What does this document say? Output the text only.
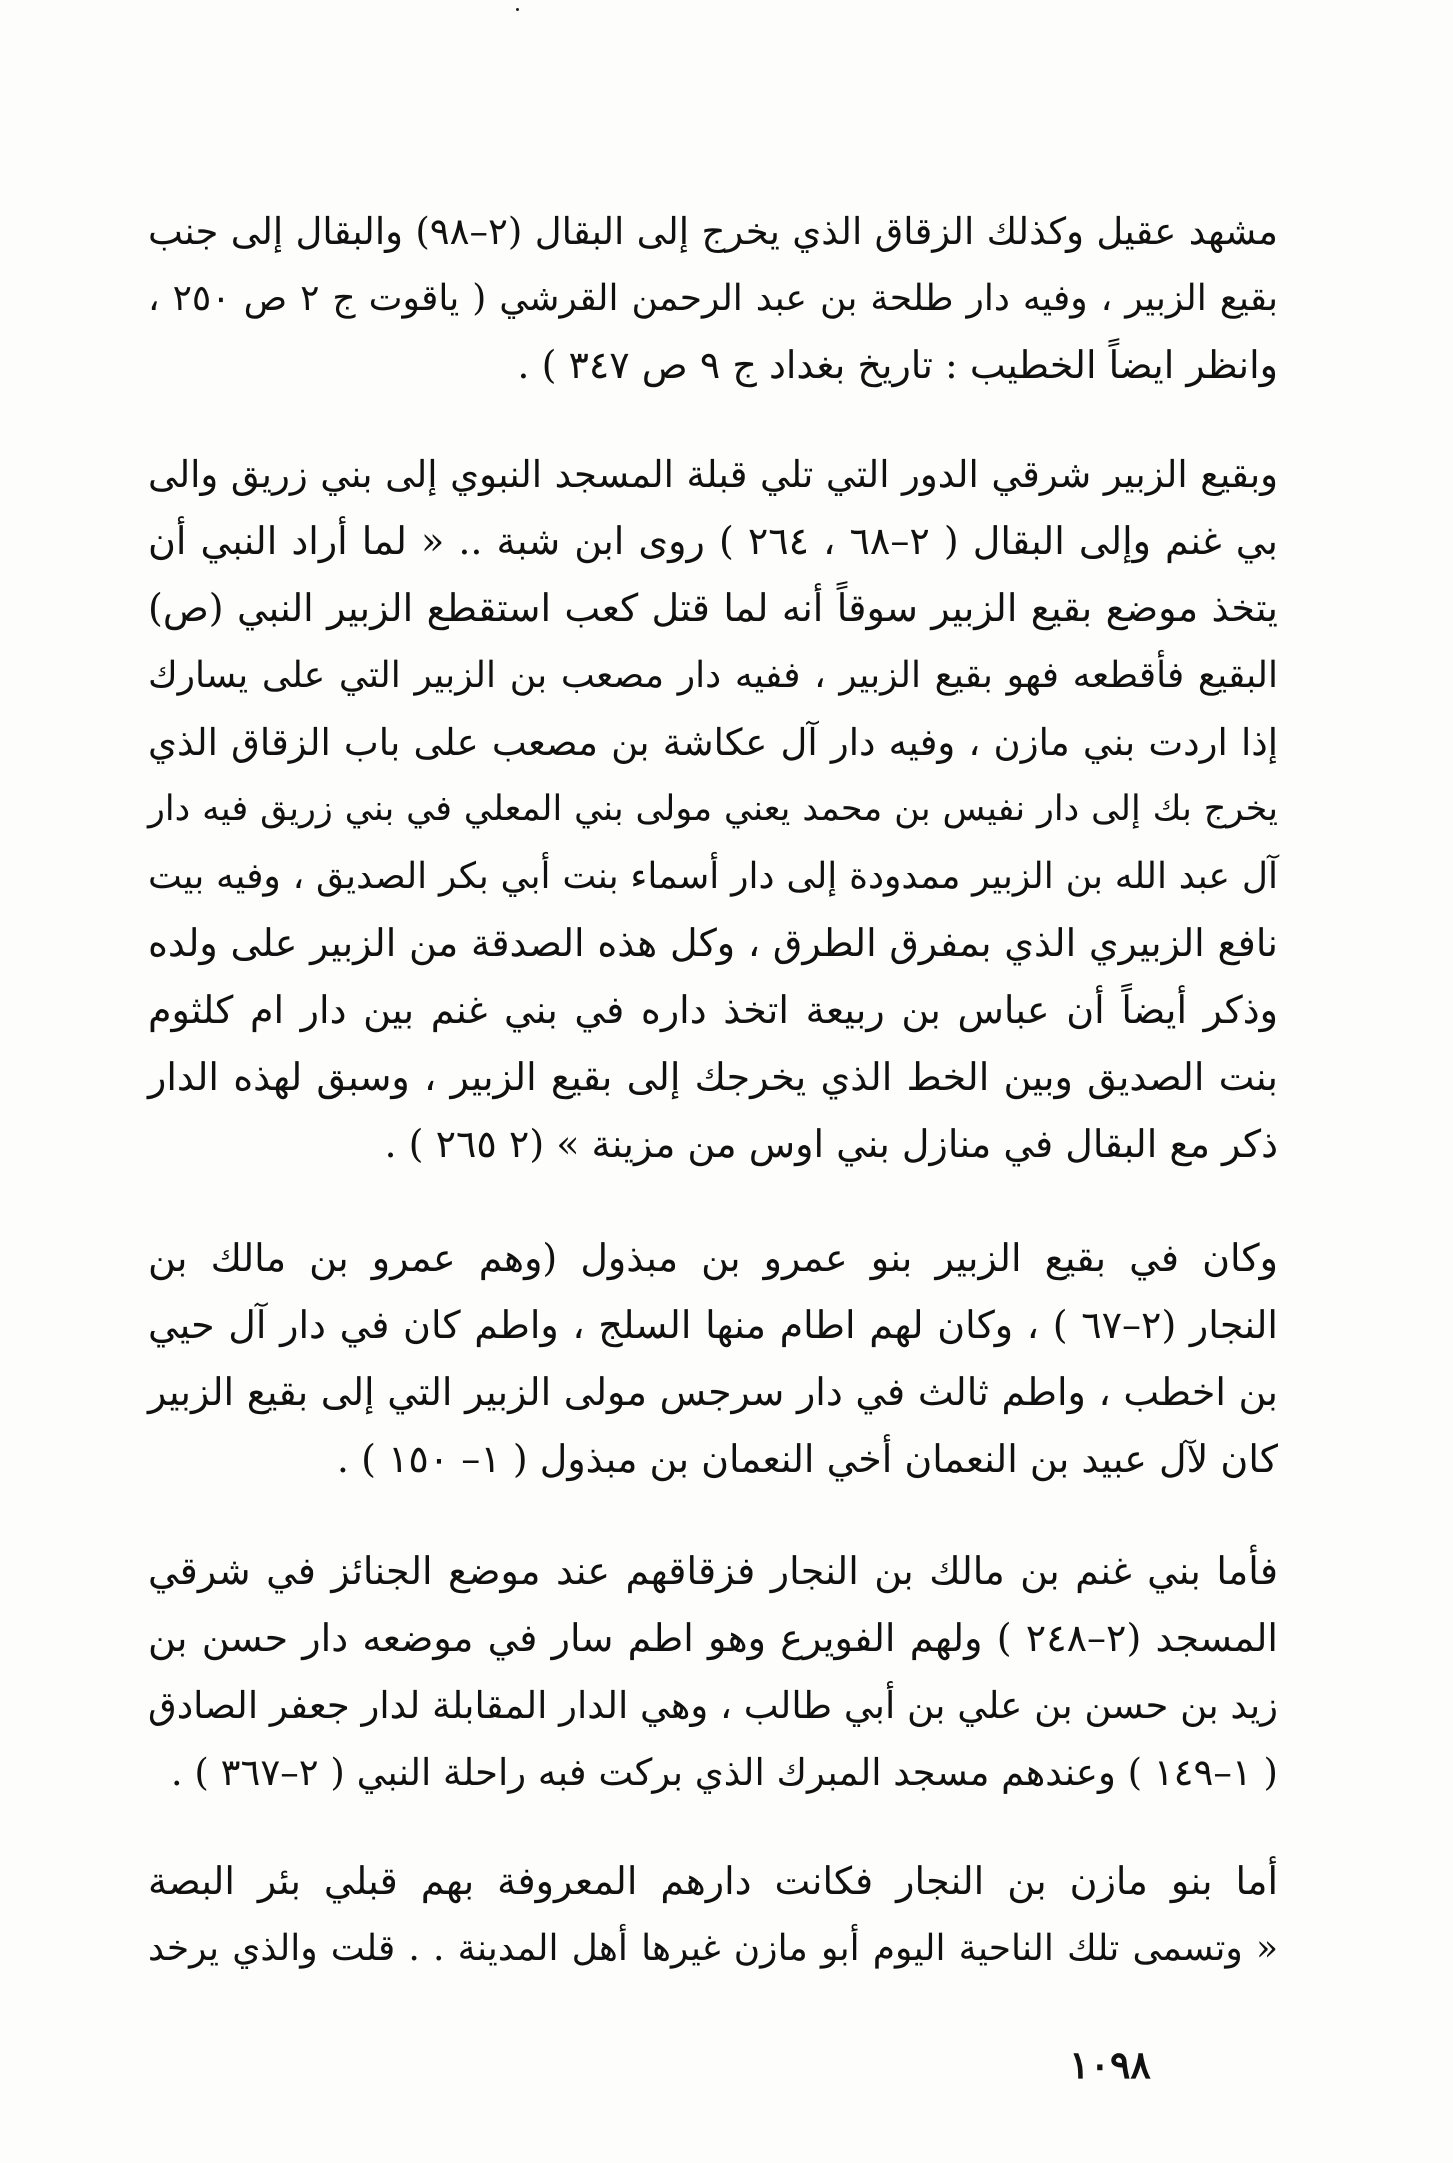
مشهد عقيل وكذلك الزقاق الذي يخرج إلى البقال (٢–٩٨) والبقال إلى جنب
بقيع الزبير ، وفيه دار طلحة بن عبد الرحمن القرشي ( ياقوت ج ٢ ص ٢٥٠ ،
وانظر ايضاً الخطيب : تاريخ بغداد ج ٩ ص ٣٤٧ ) .
وبقيع الزبير شرقي الدور التي تلي قبلة المسجد النبوي إلى بني زريق والى
بي غنم وإلى البقال ( ٢–٦٨ ، ٢٦٤ ) روى ابن شبة .. « لما أراد النبي أن
يتخذ موضع بقيع الزبير سوقاً أنه لما قتل كعب استقطع الزبير النبي (ص)
البقيع فأقطعه فهو بقيع الزبير ، ففيه دار مصعب بن الزبير التي على يسارك
إذا اردت بني مازن ، وفيه دار آل عكاشة بن مصعب على باب الزقاق الذي
يخرج بك إلى دار نفيس بن محمد يعني مولى بني المعلي في بني زريق فيه دار
آل عبد الله بن الزبير ممدودة إلى دار أسماء بنت أبي بكر الصديق ، وفيه بيت
نافع الزبيري الذي بمفرق الطرق ، وكل هذه الصدقة من الزبير على ولده
وذكر أيضاً أن عباس بن ربيعة اتخذ داره في بني غنم بين دار ام كلثوم
بنت الصديق وبين الخط الذي يخرجك إلى بقيع الزبير ، وسبق لهذه الدار
ذكر مع البقال في منازل بني اوس من مزينة » (٢ ٢٦٥ ) .
وكان في بقيع الزبير بنو عمرو بن مبذول (وهم عمرو بن مالك بن
النجار (٢–٦٧ ) ، وكان لهم اطام منها السلج ، واطم كان في دار آل حيي
بن اخطب ، واطم ثالث في دار سرجس مولى الزبير التي إلى بقيع الزبير
كان لآل عبيد بن النعمان أخي النعمان بن مبذول ( ١– ١٥٠ ) .
فأما بني غنم بن مالك بن النجار فزقاقهم عند موضع الجنائز في شرقي
المسجد (٢–٢٤٨ ) ولهم الفويرع وهو اطم سار في موضعه دار حسن بن
زيد بن حسن بن علي بن أبي طالب ، وهي الدار المقابلة لدار جعفر الصادق
( ١–١٤٩ ) وعندهم مسجد المبرك الذي بركت فبه راحلة النبي ( ٢–٣٦٧ ) .
أما بنو مازن بن النجار فكانت دارهم المعروفة بهم قبلي بئر البصة
« وتسمى تلك الناحية اليوم أبو مازن غيرها أهل المدينة . . قلت والذي يرخد
١٠٩٨
